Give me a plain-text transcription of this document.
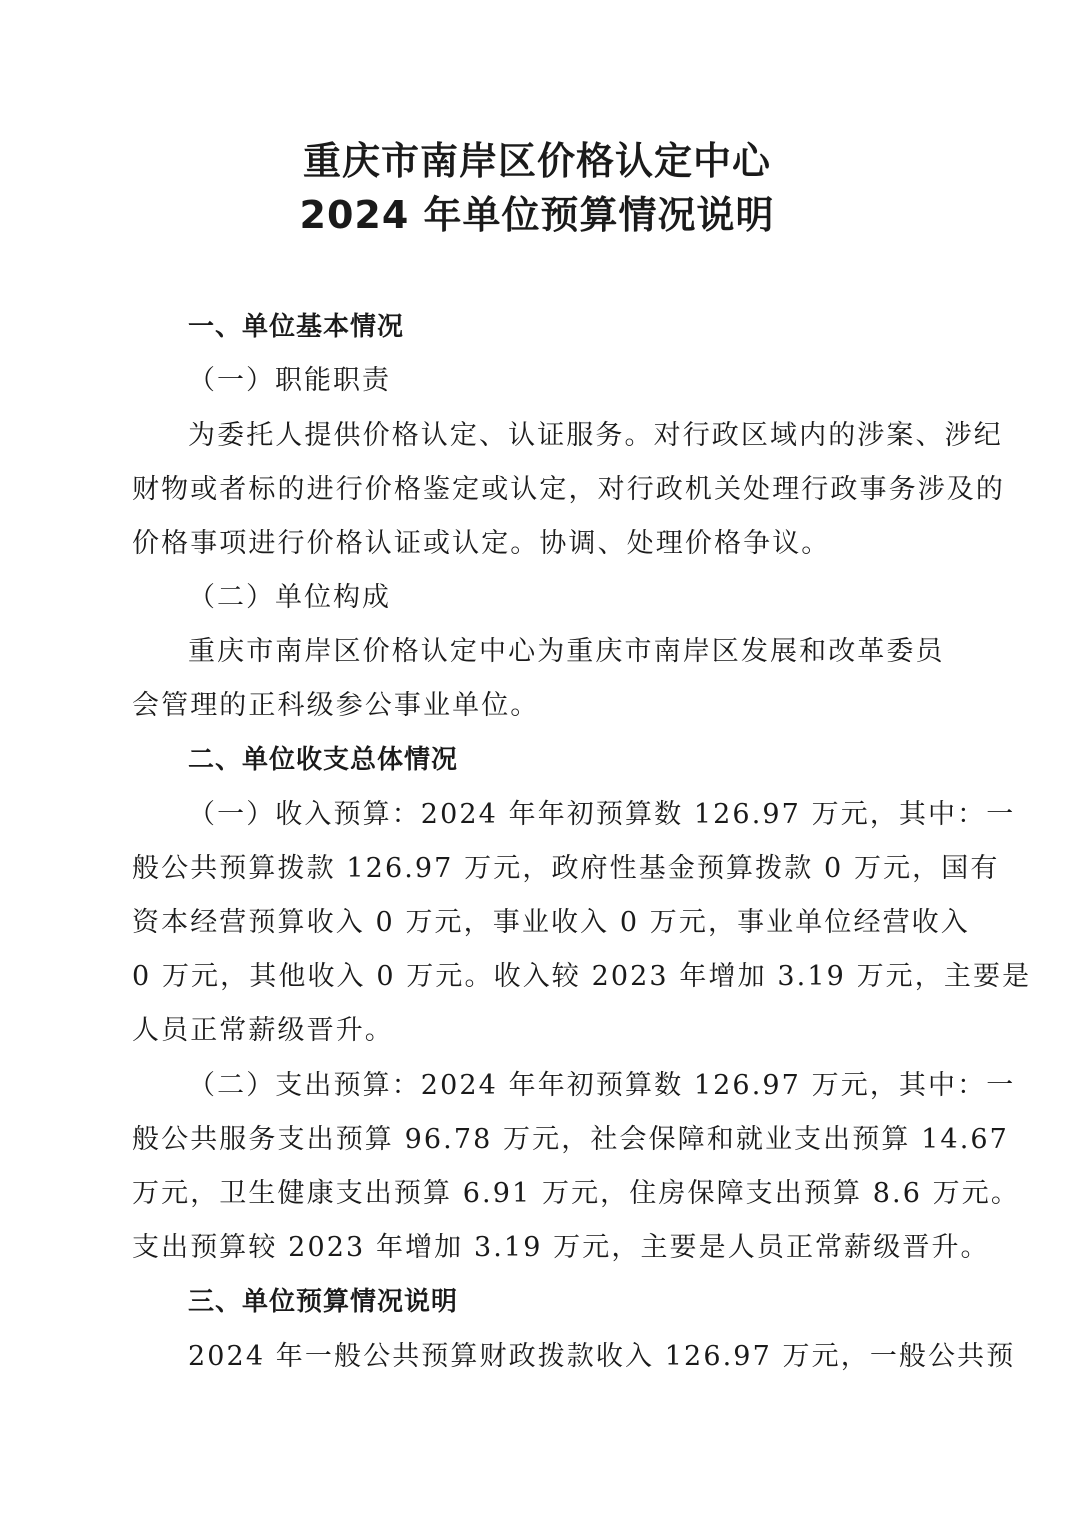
重庆市南岸区价格认定中心
2024 年单位预算情况说明
一、单位基本情况
（一）职能职责
为委托人提供价格认定、认证服务。对行政区域内的涉案、涉纪
财物或者标的进行价格鉴定或认定，对行政机关处理行政事务涉及的
价格事项进行价格认证或认定。协调、处理价格争议。
（二）单位构成
重庆市南岸区价格认定中心为重庆市南岸区发展和改革委员
会管理的正科级参公事业单位。
二、单位收支总体情况
（一）收入预算：2024 年年初预算数 126.97 万元，其中：一
般公共预算拨款 126.97 万元，政府性基金预算拨款 0 万元，国有
资本经营预算收入 0 万元，事业收入 0 万元，事业单位经营收入
0 万元，其他收入 0 万元。收入较 2023 年增加 3.19 万元，主要是
人员正常薪级晋升。
（二）支出预算：2024 年年初预算数 126.97 万元，其中：一
般公共服务支出预算 96.78 万元，社会保障和就业支出预算 14.67
万元，卫生健康支出预算 6.91 万元，住房保障支出预算 8.6 万元。
支出预算较 2023 年增加 3.19 万元，主要是人员正常薪级晋升。
三、单位预算情况说明
2024 年一般公共预算财政拨款收入 126.97 万元，一般公共预
